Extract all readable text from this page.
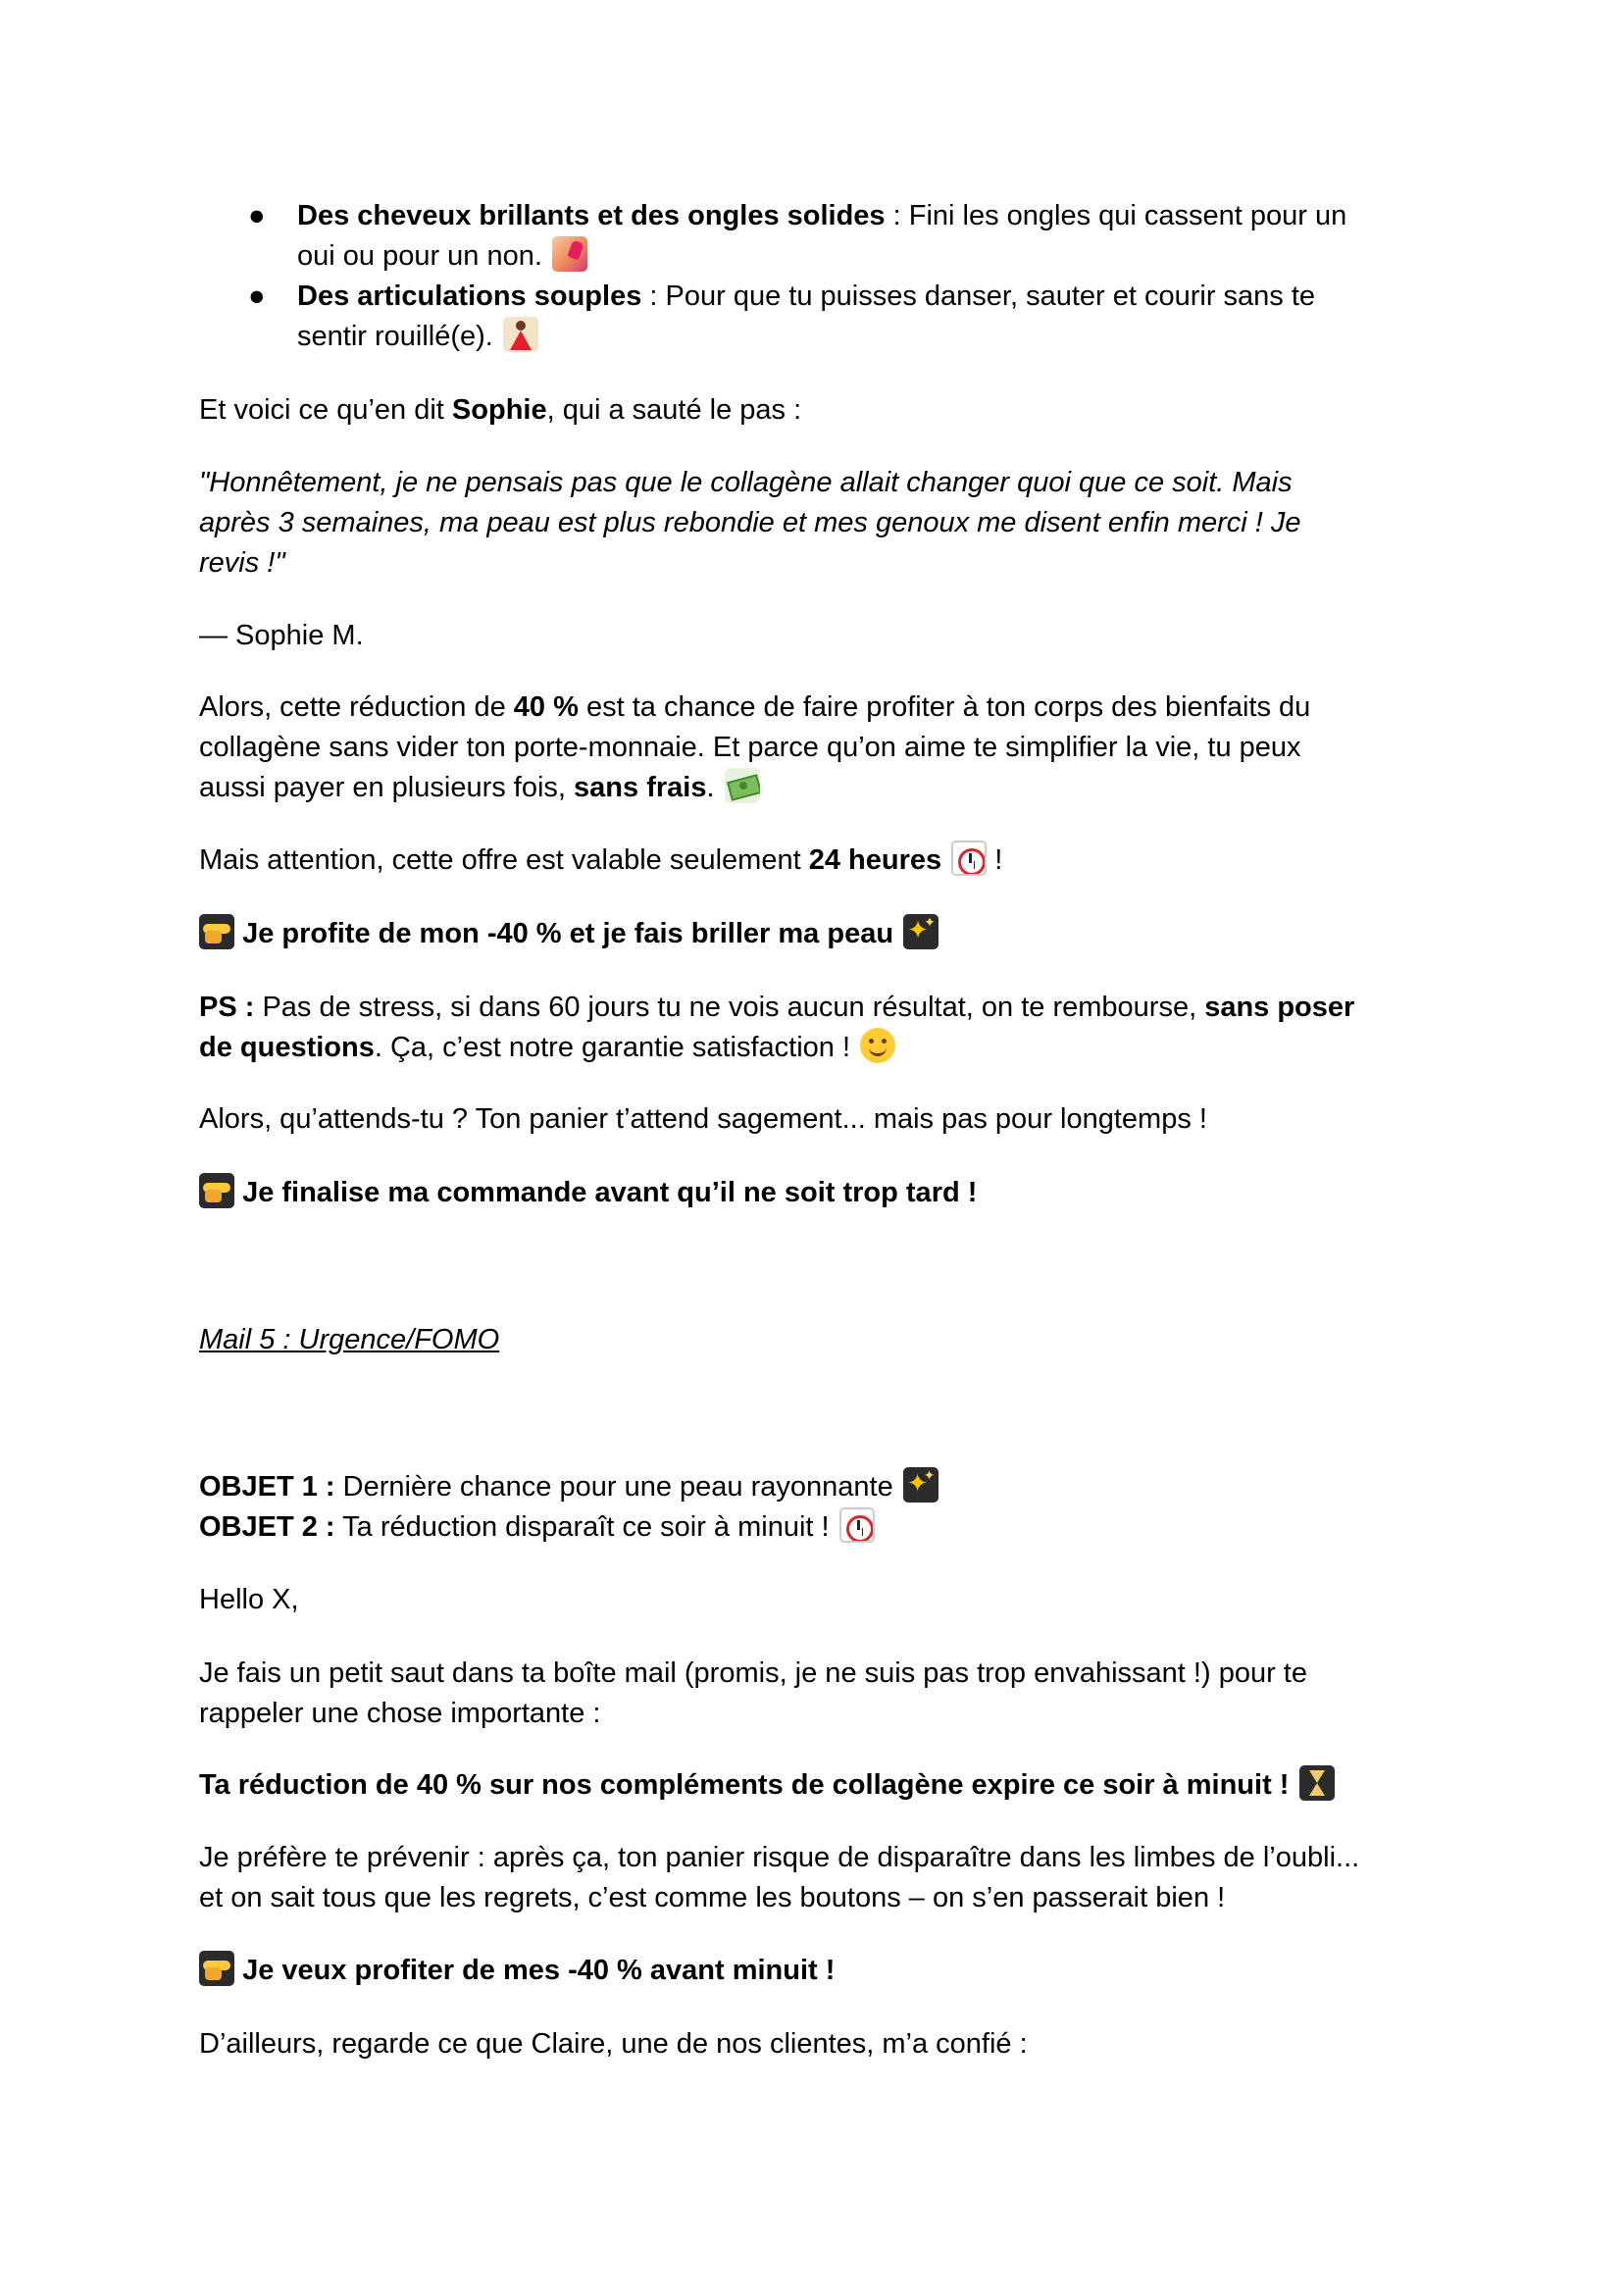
● Des cheveux brillants et des ongles solides : Fini les ongles qui cassent pour un
oui ou pour un non.
● Des articulations souples : Pour que tu puisses danser, sauter et courir sans te
sentir rouillé(e).

Et voici ce qu’en dit Sophie, qui a sauté le pas :

"Honnêtement, je ne pensais pas que le collagène allait changer quoi que ce soit. Mais
après 3 semaines, ma peau est plus rebondie et mes genoux me disent enfin merci ! Je
revis !"

— Sophie M.

Alors, cette réduction de 40 % est ta chance de faire profiter à ton corps des bienfaits du
collagène sans vider ton porte-monnaie. Et parce qu’on aime te simplifier la vie, tu peux
aussi payer en plusieurs fois, sans frais.

Mais attention, cette offre est valable seulement 24 heures  !

Je profite de mon -40 % et je fais briller ma peau ✦ ✦

PS : Pas de stress, si dans 60 jours tu ne vois aucun résultat, on te rembourse, sans poser
de questions. Ça, c’est notre garantie satisfaction !

Alors, qu’attends-tu ? Ton panier t’attend sagement... mais pas pour longtemps !

Je finalise ma commande avant qu’il ne soit trop tard !

Mail 5 : Urgence/FOMO

OBJET 1 : Dernière chance pour une peau rayonnante ✦ ✦
OBJET 2 : Ta réduction disparaît ce soir à minuit !

Hello X,

Je fais un petit saut dans ta boîte mail (promis, je ne suis pas trop envahissant !) pour te
rappeler une chose importante :

Ta réduction de 40 % sur nos compléments de collagène expire ce soir à minuit !

Je préfère te prévenir : après ça, ton panier risque de disparaître dans les limbes de l’oubli...
et on sait tous que les regrets, c’est comme les boutons – on s’en passerait bien !

Je veux profiter de mes -40 % avant minuit !

D’ailleurs, regarde ce que Claire, une de nos clientes, m’a confié :
